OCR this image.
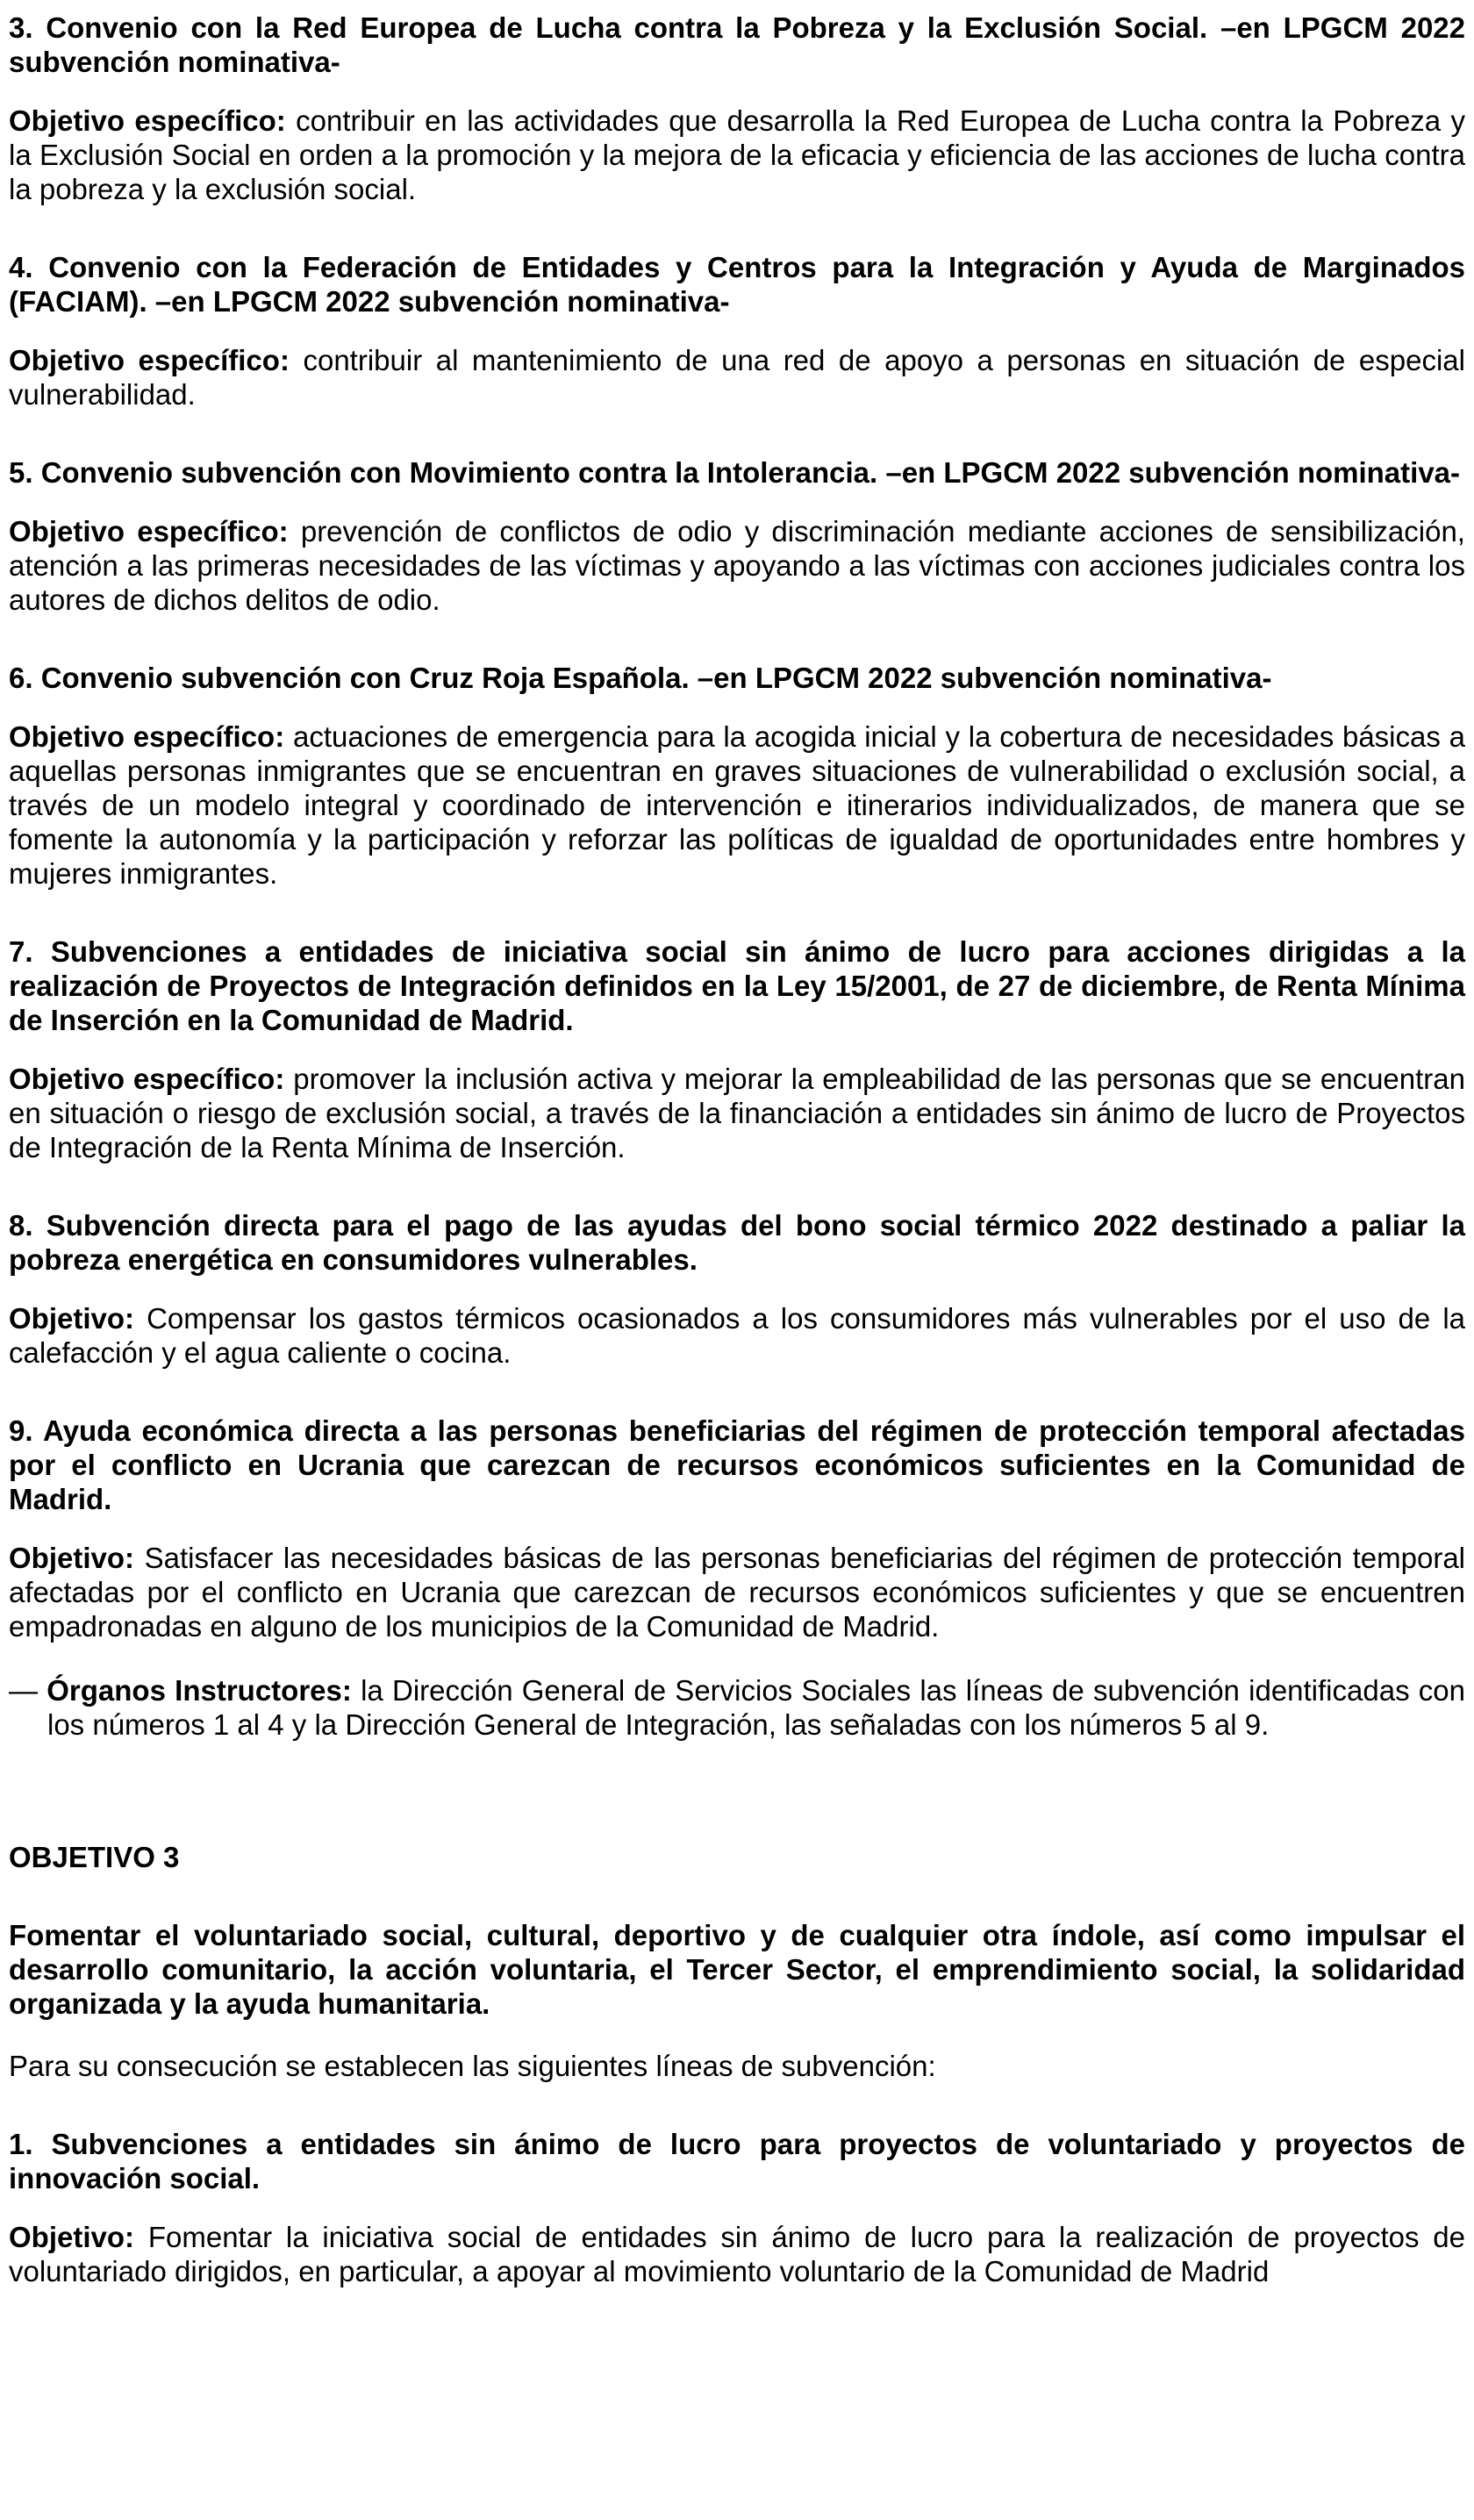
3. Convenio con la Red Europea de Lucha contra la Pobreza y la Exclusión Social. –en LPGCM 2022 subvención nominativa-

Objetivo específico: contribuir en las actividades que desarrolla la Red Europea de Lucha contra la Pobreza y la Exclusión Social en orden a la promoción y la mejora de la eficacia y eficiencia de las acciones de lucha contra la pobreza y la exclusión social.

4. Convenio con la Federación de Entidades y Centros para la Integración y Ayuda de Marginados (FACIAM). –en LPGCM 2022 subvención nominativa-

Objetivo específico: contribuir al mantenimiento de una red de apoyo a personas en situación de especial vulnerabilidad.

5. Convenio subvención con Movimiento contra la Intolerancia. –en LPGCM 2022 subvención nominativa-

Objetivo específico: prevención de conflictos de odio y discriminación mediante acciones de sensibilización, atención a las primeras necesidades de las víctimas y apoyando a las víctimas con acciones judiciales contra los autores de dichos delitos de odio.

6. Convenio subvención con Cruz Roja Española. –en LPGCM 2022 subvención nominativa-

Objetivo específico: actuaciones de emergencia para la acogida inicial y la cobertura de necesidades básicas a aquellas personas inmigrantes que se encuentran en graves situaciones de vulnerabilidad o exclusión social, a través de un modelo integral y coordinado de intervención e itinerarios individualizados, de manera que se fomente la autonomía y la participación y reforzar las políticas de igualdad de oportunidades entre hombres y mujeres inmigrantes.

7. Subvenciones a entidades de iniciativa social sin ánimo de lucro para acciones dirigidas a la realización de Proyectos de Integración definidos en la Ley 15/2001, de 27 de diciembre, de Renta Mínima de Inserción en la Comunidad de Madrid.

Objetivo específico: promover la inclusión activa y mejorar la empleabilidad de las personas que se encuentran en situación o riesgo de exclusión social, a través de la financiación a entidades sin ánimo de lucro de Proyectos de Integración de la Renta Mínima de Inserción.

8. Subvención directa para el pago de las ayudas del bono social térmico 2022 destinado a paliar la pobreza energética en consumidores vulnerables.

Objetivo: Compensar los gastos térmicos ocasionados a los consumidores más vulnerables por el uso de la calefacción y el agua caliente o cocina.

9. Ayuda económica directa a las personas beneficiarias del régimen de protección temporal afectadas por el conflicto en Ucrania que carezcan de recursos económicos suficientes en la Comunidad de Madrid.

Objetivo: Satisfacer las necesidades básicas de las personas beneficiarias del régimen de protección temporal afectadas por el conflicto en Ucrania que carezcan de recursos económicos suficientes y que se encuentren empadronadas en alguno de los municipios de la Comunidad de Madrid.

— Órganos Instructores: la Dirección General de Servicios Sociales las líneas de subvención identificadas con los números 1 al 4 y la Dirección General de Integración, las señaladas con los números 5 al 9.

OBJETIVO 3

Fomentar el voluntariado social, cultural, deportivo y de cualquier otra índole, así como impulsar el desarrollo comunitario, la acción voluntaria, el Tercer Sector, el emprendimiento social, la solidaridad organizada y la ayuda humanitaria.

Para su consecución se establecen las siguientes líneas de subvención:

1. Subvenciones a entidades sin ánimo de lucro para proyectos de voluntariado y proyectos de innovación social.

Objetivo: Fomentar la iniciativa social de entidades sin ánimo de lucro para la realización de proyectos de voluntariado dirigidos, en particular, a apoyar al movimiento voluntario de la Comunidad de Madrid
